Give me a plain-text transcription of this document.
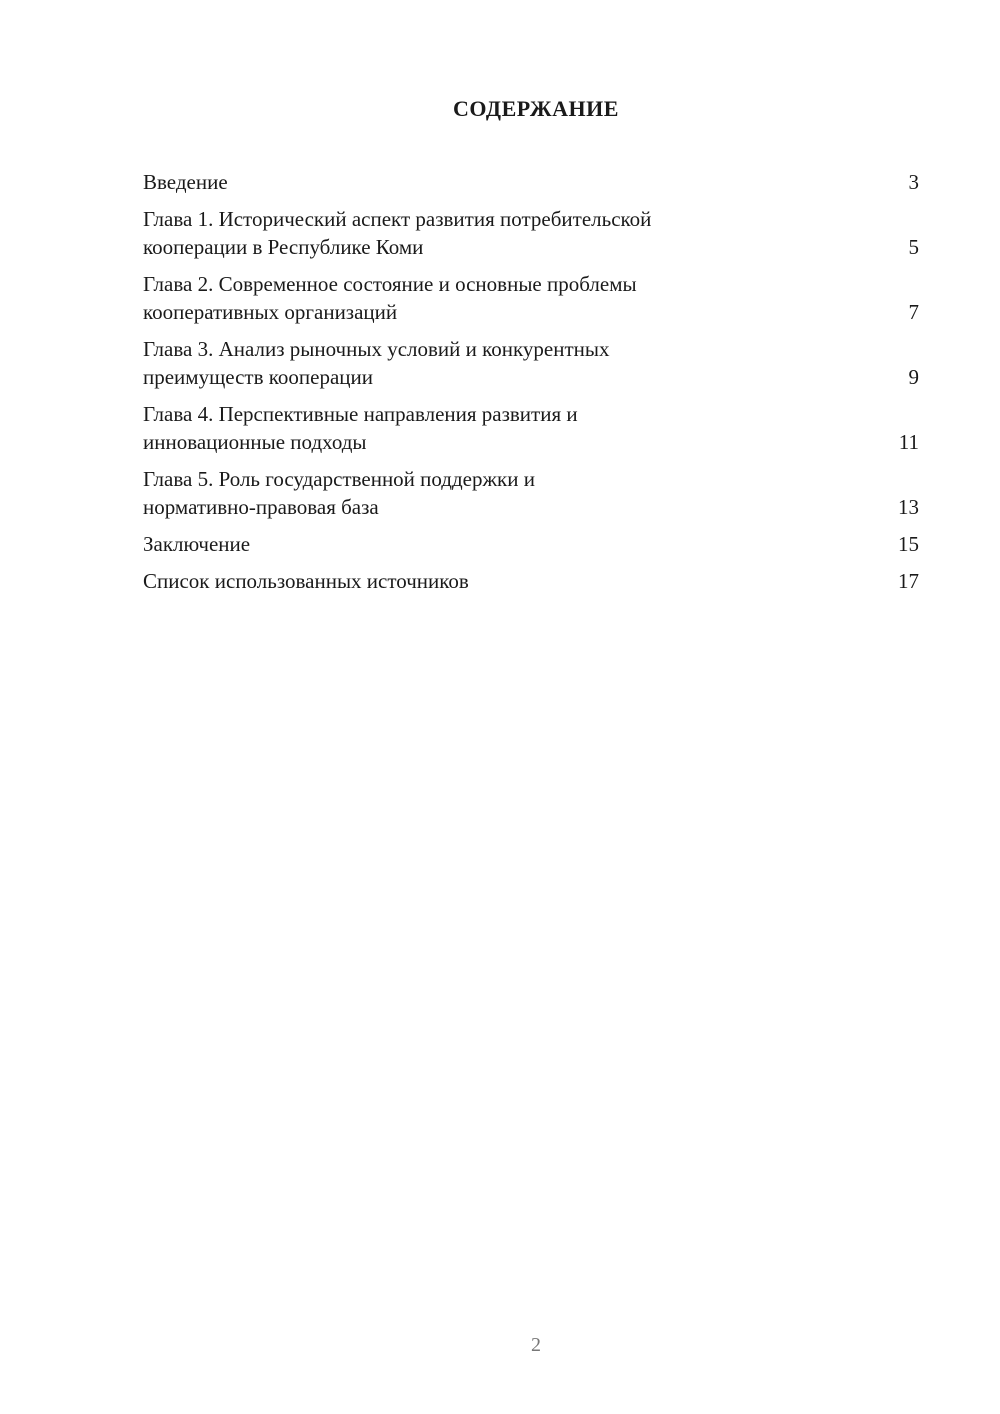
СОДЕРЖАНИЕ
Введение	3
Глава 1. Исторический аспект развития потребительской
кооперации в Республике Коми	5
Глава 2. Современное состояние и основные проблемы
кооперативных организаций	7
Глава 3. Анализ рыночных условий и конкурентных
преимуществ кооперации	9
Глава 4. Перспективные направления развития и
инновационные подходы	11
Глава 5. Роль государственной поддержки и
нормативно-правовая база	13
Заключение	15
Список использованных источников	17
2
